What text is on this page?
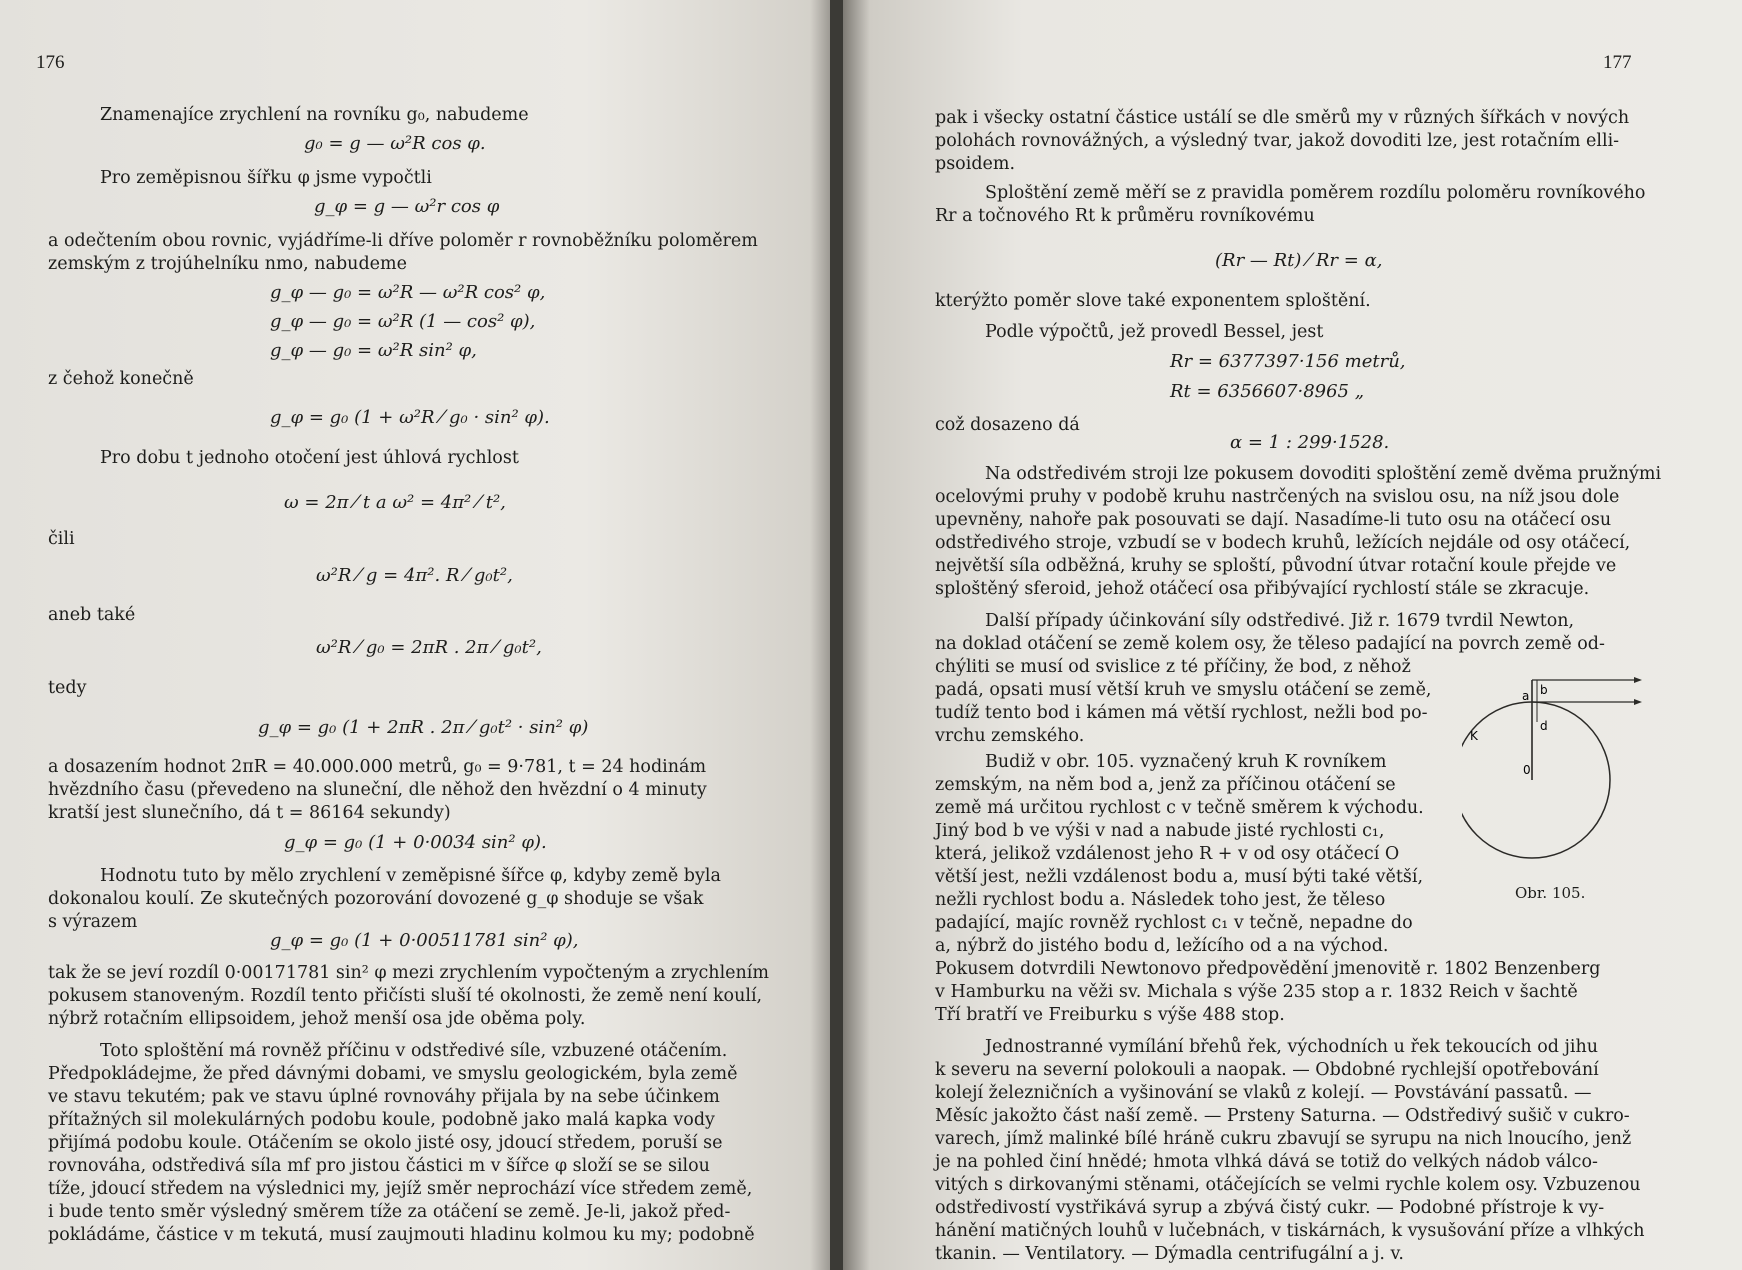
176
Znamenajíce zrychlení na rovníku g₀, nabudeme
g₀ = g — ω²R cos φ.
Pro zeměpisnou šířku φ jsme vypočtli
g_φ = g — ω²r cos φ
a odečtením obou rovnic, vyjádříme-li dříve poloměr r rovnoběžníku poloměrem
zemským z trojúhelníku nmo, nabudeme
g_φ — g₀ = ω²R — ω²R cos² φ,
g_φ — g₀ = ω²R (1 — cos² φ),
g_φ — g₀ = ω²R sin² φ,
z čehož konečně
g_φ = g₀ (1 + ω²R ⁄ g₀ · sin² φ).
Pro dobu t jednoho otočení jest úhlová rychlost
ω = 2π ⁄ t a ω² = 4π² ⁄ t²,
čili
ω²R ⁄ g = 4π². R ⁄ g₀t²,
aneb také
ω²R ⁄ g₀ = 2πR . 2π ⁄ g₀t²,
tedy
g_φ = g₀ (1 + 2πR . 2π ⁄ g₀t² · sin² φ)
a dosazením hodnot 2πR = 40.000.000 metrů, g₀ = 9·781, t = 24 hodinám
hvězdního času (převedeno na sluneční, dle něhož den hvězdní o 4 minuty
kratší jest slunečního, dá t = 86164 sekundy)
g_φ = g₀ (1 + 0·0034 sin² φ).
Hodnotu tuto by mělo zrychlení v zeměpisné šířce φ, kdyby země byla
dokonalou koulí. Ze skutečných pozorování dovozené g_φ shoduje se však
s výrazem
g_φ = g₀ (1 + 0·00511781 sin² φ),
tak že se jeví rozdíl 0·00171781 sin² φ mezi zrychlením vypočteným a zrychlením
pokusem stanoveným. Rozdíl tento přičísti sluší té okolnosti, že země není koulí,
nýbrž rotačním ellipsoidem, jehož menší osa jde oběma poly.
Toto sploštění má rovněž příčinu v odstředivé síle, vzbuzené otáčením.
Předpokládejme, že před dávnými dobami, ve smyslu geologickém, byla země
ve stavu tekutém; pak ve stavu úplné rovnováhy přijala by na sebe účinkem
přítažných sil molekulárných podobu koule, podobně jako malá kapka vody
přijímá podobu koule. Otáčením se okolo jisté osy, jdoucí středem, poruší se
rovnováha, odstředivá síla mf pro jistou částici m v šířce φ složí se se silou
tíže, jdoucí středem na výslednici my, jejíž směr neprochází více středem země,
i bude tento směr výsledný směrem tíže za otáčení se země. Je-li, jakož před-
pokládáme, částice v m tekutá, musí zaujmouti hladinu kolmou ku my; podobně
177
pak i všecky ostatní částice ustálí se dle směrů my v různých šířkách v nových
polohách rovnovážných, a výsledný tvar, jakož dovoditi lze, jest rotačním elli-
psoidem.
Sploštění země měří se z pravidla poměrem rozdílu poloměru rovníkového
Rr a točnového Rt k průměru rovníkovému
(Rr — Rt) ⁄ Rr = α,
kterýžto poměr slove také exponentem sploštění.
Podle výpočtů, jež provedl Bessel, jest
Rr = 6377397·156 metrů,
Rt = 6356607·8965 „
což dosazeno dá
α = 1 : 299·1528.
Na odstředivém stroji lze pokusem dovoditi sploštění země dvěma pružnými
ocelovými pruhy v podobě kruhu nastrčených na svislou osu, na níž jsou dole
upevněny, nahoře pak posouvati se dají. Nasadíme-li tuto osu na otáčecí osu
odstředivého stroje, vzbudí se v bodech kruhů, ležících nejdále od osy otáčecí,
největší síla odběžná, kruhy se sploští, původní útvar rotační koule přejde ve
sploštěný sferoid, jehož otáčecí osa přibývající rychlostí stále se zkracuje.
Další případy účinkování síly odstředivé. Již r. 1679 tvrdil Newton,
na doklad otáčení se země kolem osy, že těleso padající na povrch země od-
chýliti se musí od svislice z té příčiny, že bod, z něhož
padá, opsati musí větší kruh ve smyslu otáčení se země,
tudíž tento bod i kámen má větší rychlost, nežli bod po-
vrchu zemského.
Budiž v obr. 105. vyznačený kruh K rovníkem
zemským, na něm bod a, jenž za příčinou otáčení se
země má určitou rychlost c v tečně směrem k východu.
Jiný bod b ve výši v nad a nabude jisté rychlosti c₁,
která, jelikož vzdálenost jeho R + v od osy otáčecí O
větší jest, nežli vzdálenost bodu a, musí býti také větší,
nežli rychlost bodu a. Následek toho jest, že těleso
padající, majíc rovněž rychlost c₁ v tečně, nepadne do
a, nýbrž do jistého bodu d, ležícího od a na východ.
Pokusem dotvrdili Newtonovo předpovědění jmenovitě r. 1802 Benzenberg
v Hamburku na věži sv. Michala s výše 235 stop a r. 1832 Reich v šachtě
Tří bratří ve Freiburku s výše 488 stop.
Jednostranné vymílání břehů řek, východních u řek tekoucích od jihu
k severu na severní polokouli a naopak. — Obdobné rychlejší opotřebování
kolejí železničních a vyšinování se vlaků z kolejí. — Povstávání passatů. —
Měsíc jakožto část naší země. — Prsteny Saturna. — Odstředivý sušič v cukro-
varech, jímž malinké bílé hráně cukru zbavují se syrupu na nich lnoucího, jenž
je na pohled činí hnědé; hmota vlhká dává se totiž do velkých nádob válco-
vitých s dirkovanými stěnami, otáčejících se velmi rychle kolem osy. Vzbuzenou
odstředivostí vystřikává syrup a zbývá čistý cukr. — Podobné přístroje k vy-
hánění matičných louhů v lučebnách, v tiskárnách, k vysušování příze a vlhkých
tkanin. — Ventilatory. — Dýmadla centrifugální a j. v.
b
a
d
K
0
Obr. 105.
